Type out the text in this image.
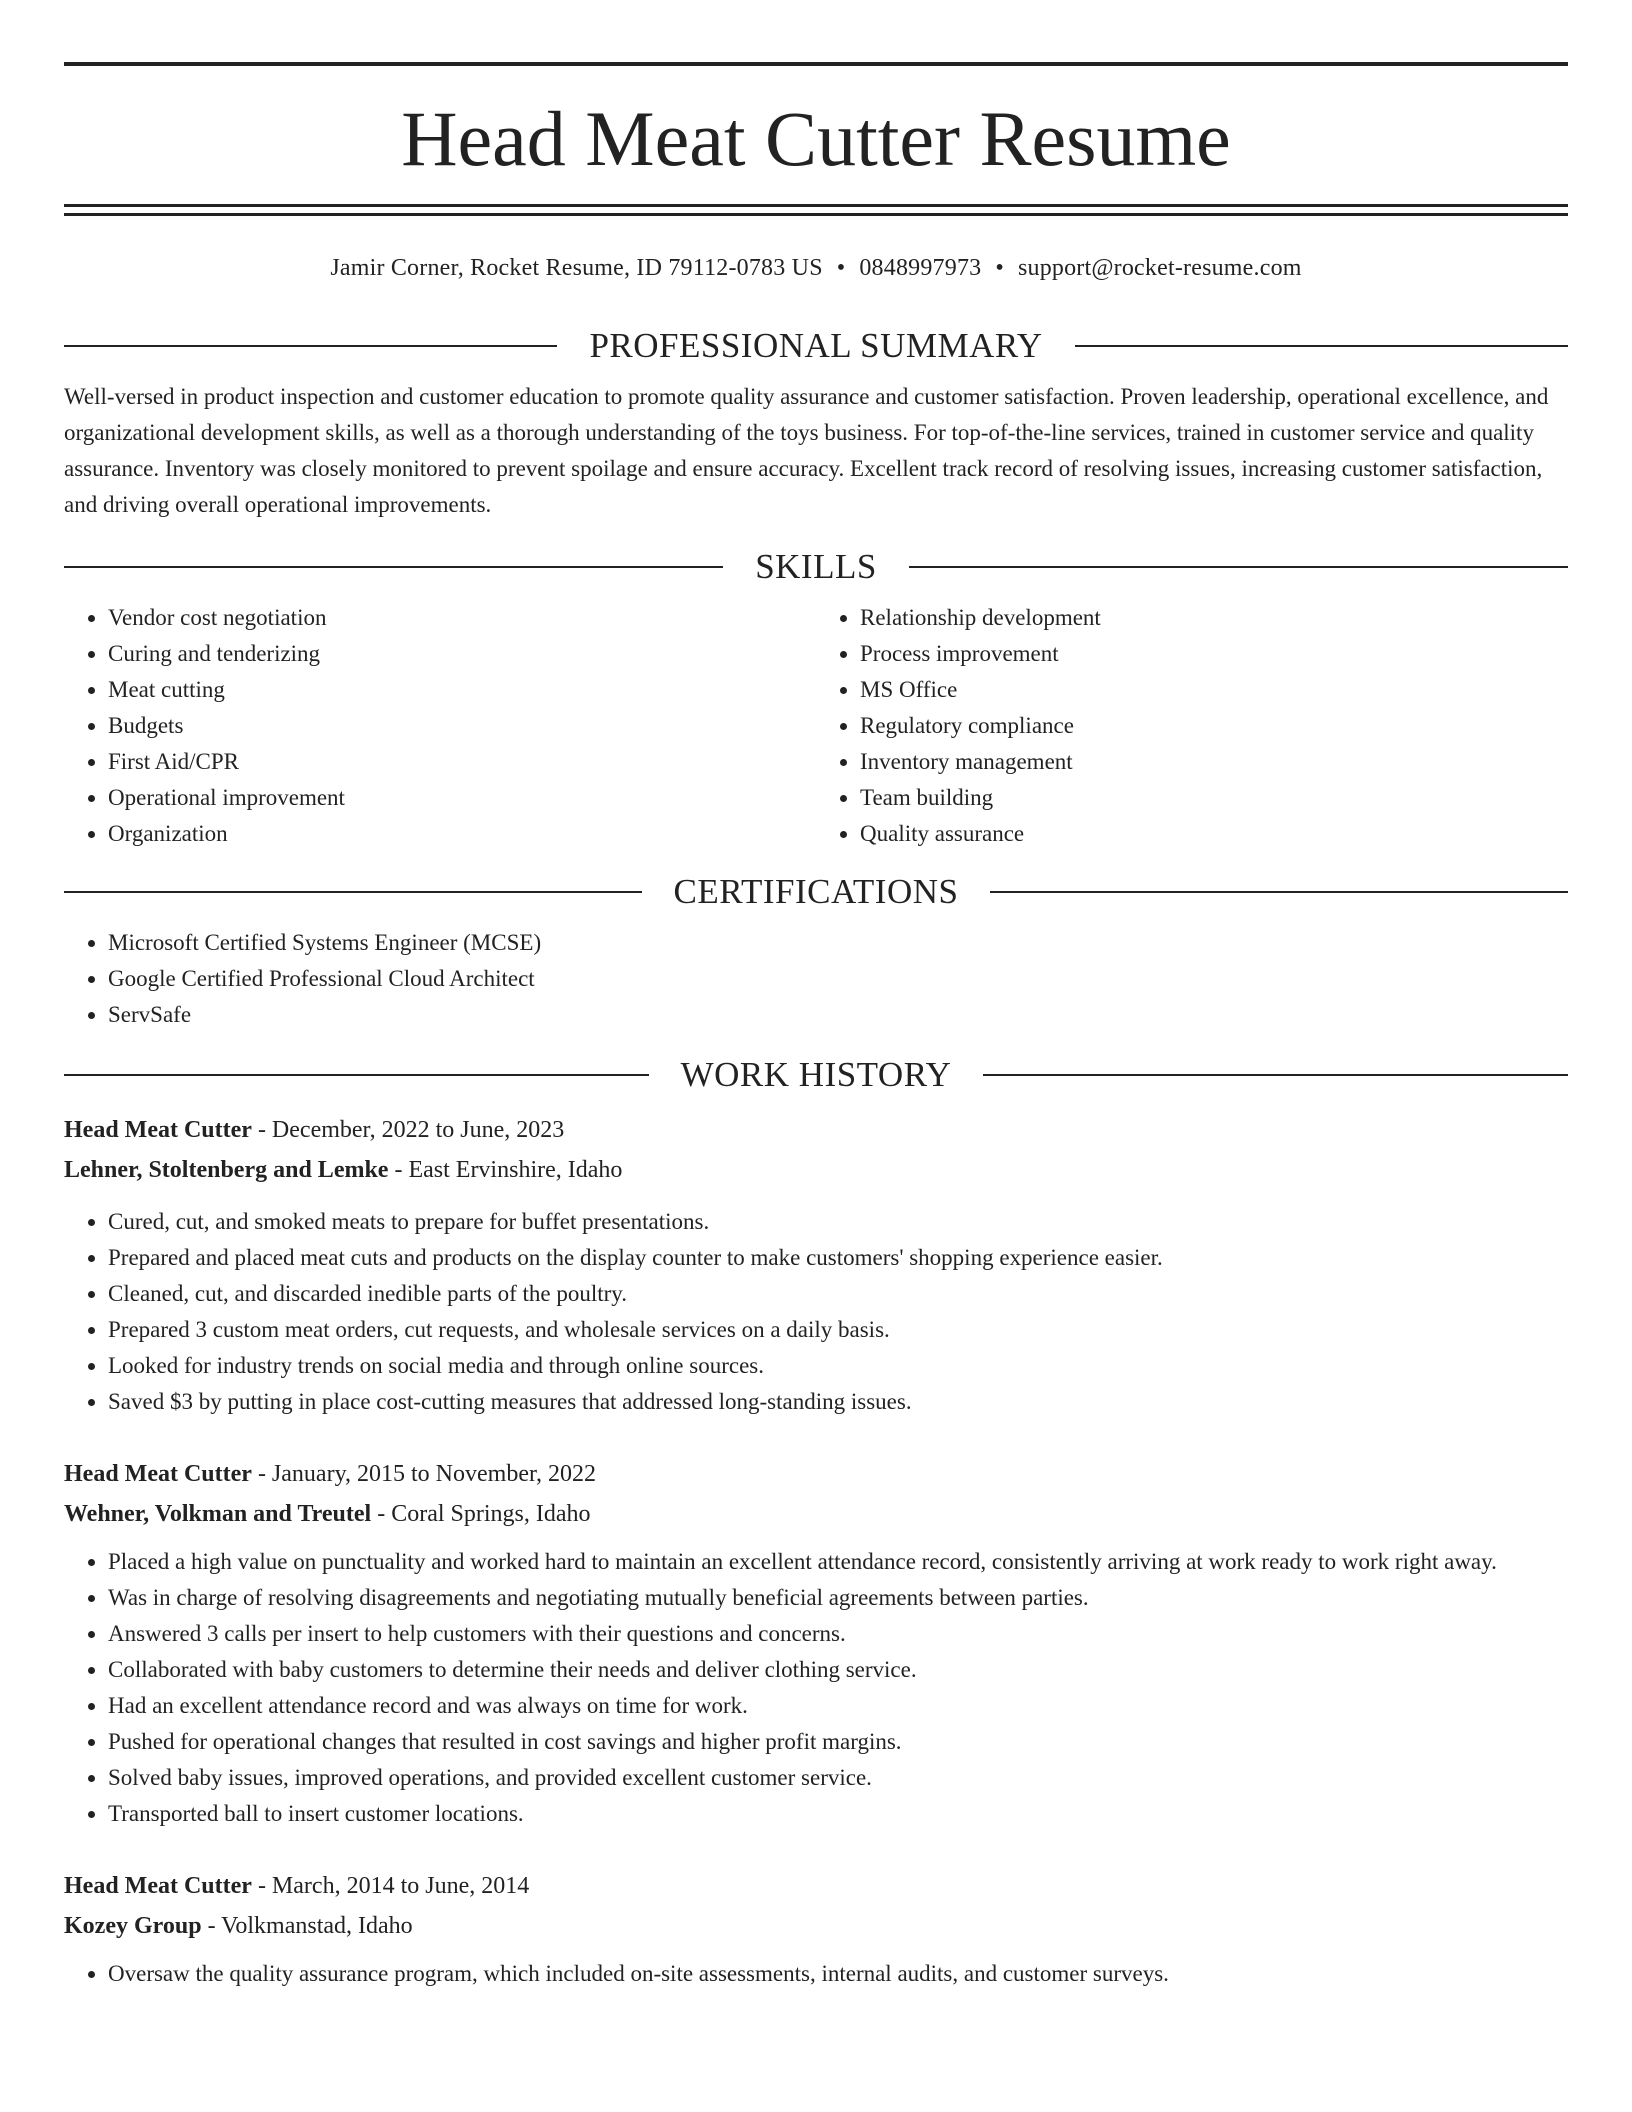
Head Meat Cutter Resume
Jamir Corner, Rocket Resume, ID 79112-0783 US • 0848997973 • support@rocket-resume.com
PROFESSIONAL SUMMARY

Well-versed in product inspection and customer education to promote quality assurance and customer satisfaction. Proven leadership, operational excellence, and organizational development skills, as well as a thorough understanding of the toys business. For top-of-the-line services, trained in customer service and quality assurance. Inventory was closely monitored to prevent spoilage and ensure accuracy. Excellent track record of resolving issues, increasing customer satisfaction, and driving overall operational improvements.

SKILLS
• Vendor cost negotiation
• Curing and tenderizing
• Meat cutting
• Budgets
• First Aid/CPR
• Operational improvement
• Organization
• Relationship development
• Process improvement
• MS Office
• Regulatory compliance
• Inventory management
• Team building
• Quality assurance
CERTIFICATIONS
• Microsoft Certified Systems Engineer (MCSE)
• Google Certified Professional Cloud Architect
• ServSafe
WORK HISTORY
Head Meat Cutter - December, 2022 to June, 2023
Lehner, Stoltenberg and Lemke - East Ervinshire, Idaho
• Cured, cut, and smoked meats to prepare for buffet presentations.
• Prepared and placed meat cuts and products on the display counter to make customers' shopping experience easier.
• Cleaned, cut, and discarded inedible parts of the poultry.
• Prepared 3 custom meat orders, cut requests, and wholesale services on a daily basis.
• Looked for industry trends on social media and through online sources.
• Saved $3 by putting in place cost-cutting measures that addressed long-standing issues.
Head Meat Cutter - January, 2015 to November, 2022
Wehner, Volkman and Treutel - Coral Springs, Idaho
• Placed a high value on punctuality and worked hard to maintain an excellent attendance record, consistently arriving at work ready to work right away.
• Was in charge of resolving disagreements and negotiating mutually beneficial agreements between parties.
• Answered 3 calls per insert to help customers with their questions and concerns.
• Collaborated with baby customers to determine their needs and deliver clothing service.
• Had an excellent attendance record and was always on time for work.
• Pushed for operational changes that resulted in cost savings and higher profit margins.
• Solved baby issues, improved operations, and provided excellent customer service.
• Transported ball to insert customer locations.
Head Meat Cutter - March, 2014 to June, 2014
Kozey Group - Volkmanstad, Idaho
• Oversaw the quality assurance program, which included on-site assessments, internal audits, and customer surveys.
